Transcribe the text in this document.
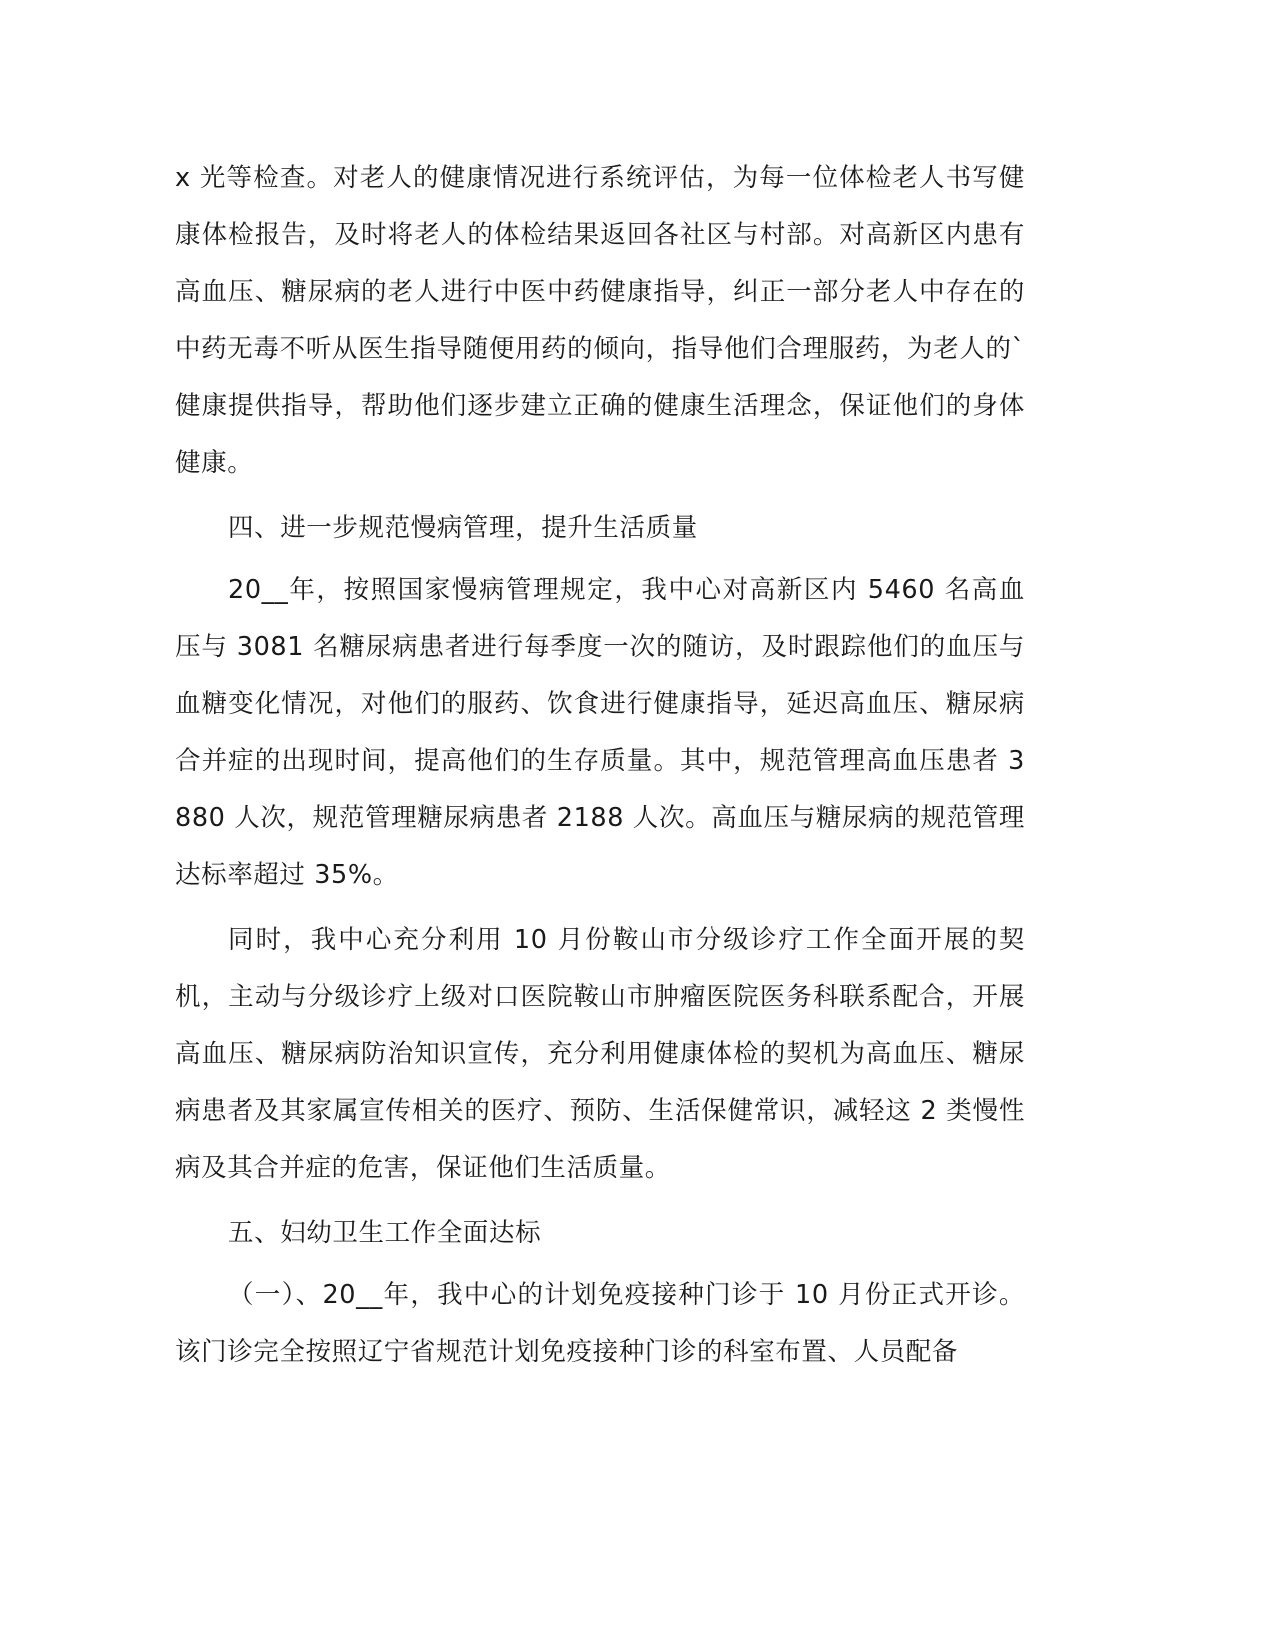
x 光等检查。对老人的健康情况进行系统评估，为每一位体检老人书写健康体检报告，及时将老人的体检结果返回各社区与村部。对高新区内患有高血压、糖尿病的老人进行中医中药健康指导，纠正一部分老人中存在的中药无毒不听从医生指导随便用药的倾向，指导他们合理服药，为老人的`健康提供指导，帮助他们逐步建立正确的健康生活理念，保证他们的身体健康。

四、进一步规范慢病管理，提升生活质量

20__年，按照国家慢病管理规定，我中心对高新区内 5460 名高血压与 3081 名糖尿病患者进行每季度一次的随访，及时跟踪他们的血压与血糖变化情况，对他们的服药、饮食进行健康指导，延迟高血压、糖尿病合并症的出现时间，提高他们的生存质量。其中，规范管理高血压患者 3880 人次，规范管理糖尿病患者 2188 人次。高血压与糖尿病的规范管理达标率超过 35%。

同时，我中心充分利用 10 月份鞍山市分级诊疗工作全面开展的契机，主动与分级诊疗上级对口医院鞍山市肿瘤医院医务科联系配合，开展高血压、糖尿病防治知识宣传，充分利用健康体检的契机为高血压、糖尿病患者及其家属宣传相关的医疗、预防、生活保健常识，减轻这 2 类慢性病及其合并症的危害，保证他们生活质量。

五、妇幼卫生工作全面达标

（一）、20__年，我中心的计划免疫接种门诊于 10 月份正式开诊。该门诊完全按照辽宁省规范计划免疫接种门诊的科室布置、人员配备
